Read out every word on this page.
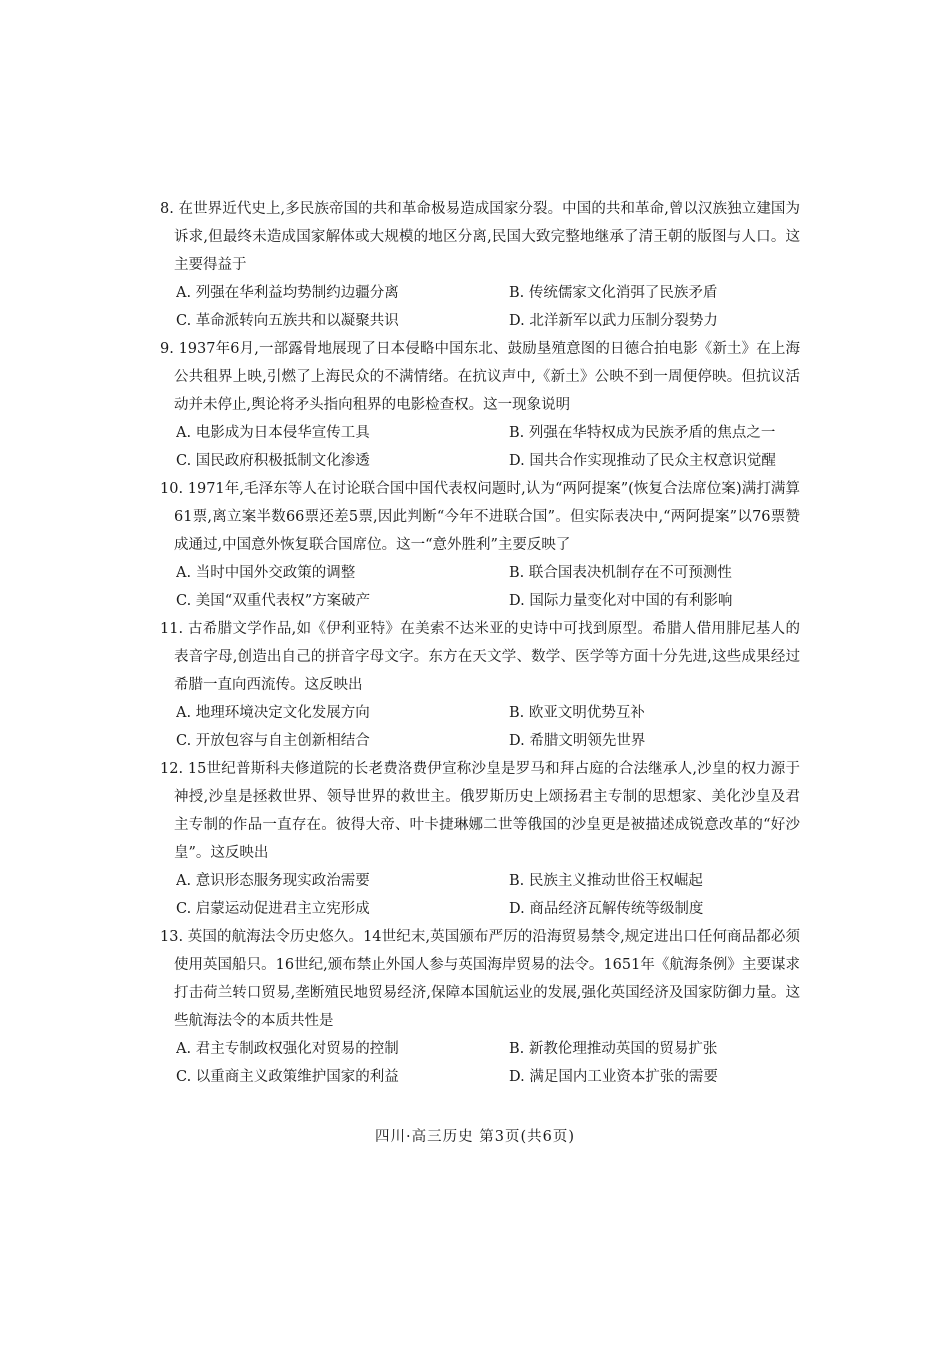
8. 在世界近代史上,多民族帝国的共和革命极易造成国家分裂。中国的共和革命,曾以汉族独立建国为诉求,但最终未造成国家解体或大规模的地区分离,民国大致完整地继承了清王朝的版图与人口。这主要得益于
A. 列强在华利益均势制约边疆分离	B. 传统儒家文化消弭了民族矛盾
C. 革命派转向五族共和以凝聚共识	D. 北洋新军以武力压制分裂势力
9. 1937年6月,一部露骨地展现了日本侵略中国东北、鼓励垦殖意图的日德合拍电影《新土》在上海公共租界上映,引燃了上海民众的不满情绪。在抗议声中,《新土》公映不到一周便停映。但抗议活动并未停止,舆论将矛头指向租界的电影检查权。这一现象说明
A. 电影成为日本侵华宣传工具	B. 列强在华特权成为民族矛盾的焦点之一
C. 国民政府积极抵制文化渗透	D. 国共合作实现推动了民众主权意识觉醒
10. 1971年,毛泽东等人在讨论联合国中国代表权问题时,认为“两阿提案”(恢复合法席位案)满打满算61票,离立案半数66票还差5票,因此判断“今年不进联合国”。但实际表决中,“两阿提案”以76票赞成通过,中国意外恢复联合国席位。这一“意外胜利”主要反映了
A. 当时中国外交政策的调整	B. 联合国表决机制存在不可预测性
C. 美国“双重代表权”方案破产	D. 国际力量变化对中国的有利影响
11. 古希腊文学作品,如《伊利亚特》在美索不达米亚的史诗中可找到原型。希腊人借用腓尼基人的表音字母,创造出自己的拼音字母文字。东方在天文学、数学、医学等方面十分先进,这些成果经过希腊一直向西流传。这反映出
A. 地理环境决定文化发展方向	B. 欧亚文明优势互补
C. 开放包容与自主创新相结合	D. 希腊文明领先世界
12. 15世纪普斯科夫修道院的长老费洛费伊宣称沙皇是罗马和拜占庭的合法继承人,沙皇的权力源于神授,沙皇是拯救世界、领导世界的救世主。俄罗斯历史上颂扬君主专制的思想家、美化沙皇及君主专制的作品一直存在。彼得大帝、叶卡捷琳娜二世等俄国的沙皇更是被描述成锐意改革的“好沙皇”。这反映出
A. 意识形态服务现实政治需要	B. 民族主义推动世俗王权崛起
C. 启蒙运动促进君主立宪形成	D. 商品经济瓦解传统等级制度
13. 英国的航海法令历史悠久。14世纪末,英国颁布严厉的沿海贸易禁令,规定进出口任何商品都必须使用英国船只。16世纪,颁布禁止外国人参与英国海岸贸易的法令。1651年《航海条例》主要谋求打击荷兰转口贸易,垄断殖民地贸易经济,保障本国航运业的发展,强化英国经济及国家防御力量。这些航海法令的本质共性是
A. 君主专制政权强化对贸易的控制	B. 新教伦理推动英国的贸易扩张
C. 以重商主义政策维护国家的利益	D. 满足国内工业资本扩张的需要
四川·高三历史 第3页(共6页)
